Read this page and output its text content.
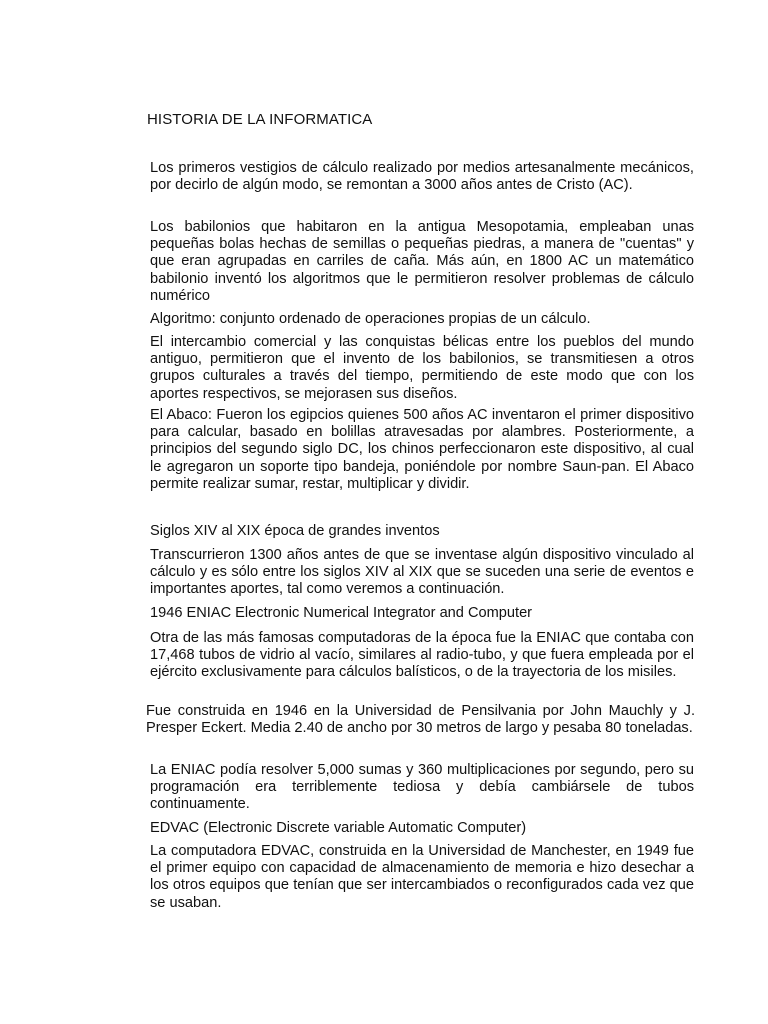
HISTORIA DE LA INFORMATICA

Los primeros vestigios de cálculo realizado por medios artesanalmente mecánicos, por decirlo de algún modo, se remontan a 3000 años antes de Cristo (AC).

Los babilonios que habitaron en la antigua Mesopotamia, empleaban unas pequeñas bolas hechas de semillas o pequeñas piedras, a manera de "cuentas" y que eran agrupadas en carriles de caña. Más aún, en 1800 AC un matemático babilonio inventó los algoritmos que le permitieron resolver problemas de cálculo numérico

Algoritmo: conjunto ordenado de operaciones propias de un cálculo.

El intercambio comercial y las conquistas bélicas entre los pueblos del mundo antiguo, permitieron que el invento de los babilonios, se transmitiesen a otros grupos culturales a través del tiempo, permitiendo de este modo que con los aportes respectivos, se mejorasen sus diseños.

El Abaco: Fueron los egipcios quienes 500 años AC inventaron el primer dispositivo para calcular, basado en bolillas atravesadas por alambres. Posteriormente, a principios del segundo siglo DC, los chinos perfeccionaron este dispositivo, al cual le agregaron un soporte tipo bandeja, poniéndole por nombre Saun-pan. El Abaco permite realizar sumar, restar, multiplicar y dividir.

Siglos XIV al XIX época de grandes inventos

Transcurrieron 1300 años antes de que se inventase algún dispositivo vinculado al cálculo y es sólo entre los siglos XIV al XIX que se suceden una serie de eventos e importantes aportes, tal como veremos a continuación.

1946 ENIAC Electronic Numerical Integrator and Computer

Otra de las más famosas computadoras de la época fue la ENIAC que contaba con 17,468 tubos de vidrio al vacío, similares al radio-tubo, y que fuera empleada por el ejército exclusivamente para cálculos balísticos, o de la trayectoria de los misiles.

Fue construida en 1946 en la Universidad de Pensilvania por John Mauchly y J. Presper Eckert. Media 2.40 de ancho por 30 metros de largo y pesaba 80 toneladas.

La ENIAC podía resolver 5,000 sumas y 360 multiplicaciones por segundo, pero su programación era terriblemente tediosa y debía cambiársele de tubos continuamente.

EDVAC (Electronic Discrete variable Automatic Computer)

La computadora EDVAC, construida en la Universidad de Manchester, en 1949 fue el primer equipo con capacidad de almacenamiento de memoria e hizo desechar a los otros equipos que tenían que ser intercambiados o reconfigurados cada vez que se usaban.
